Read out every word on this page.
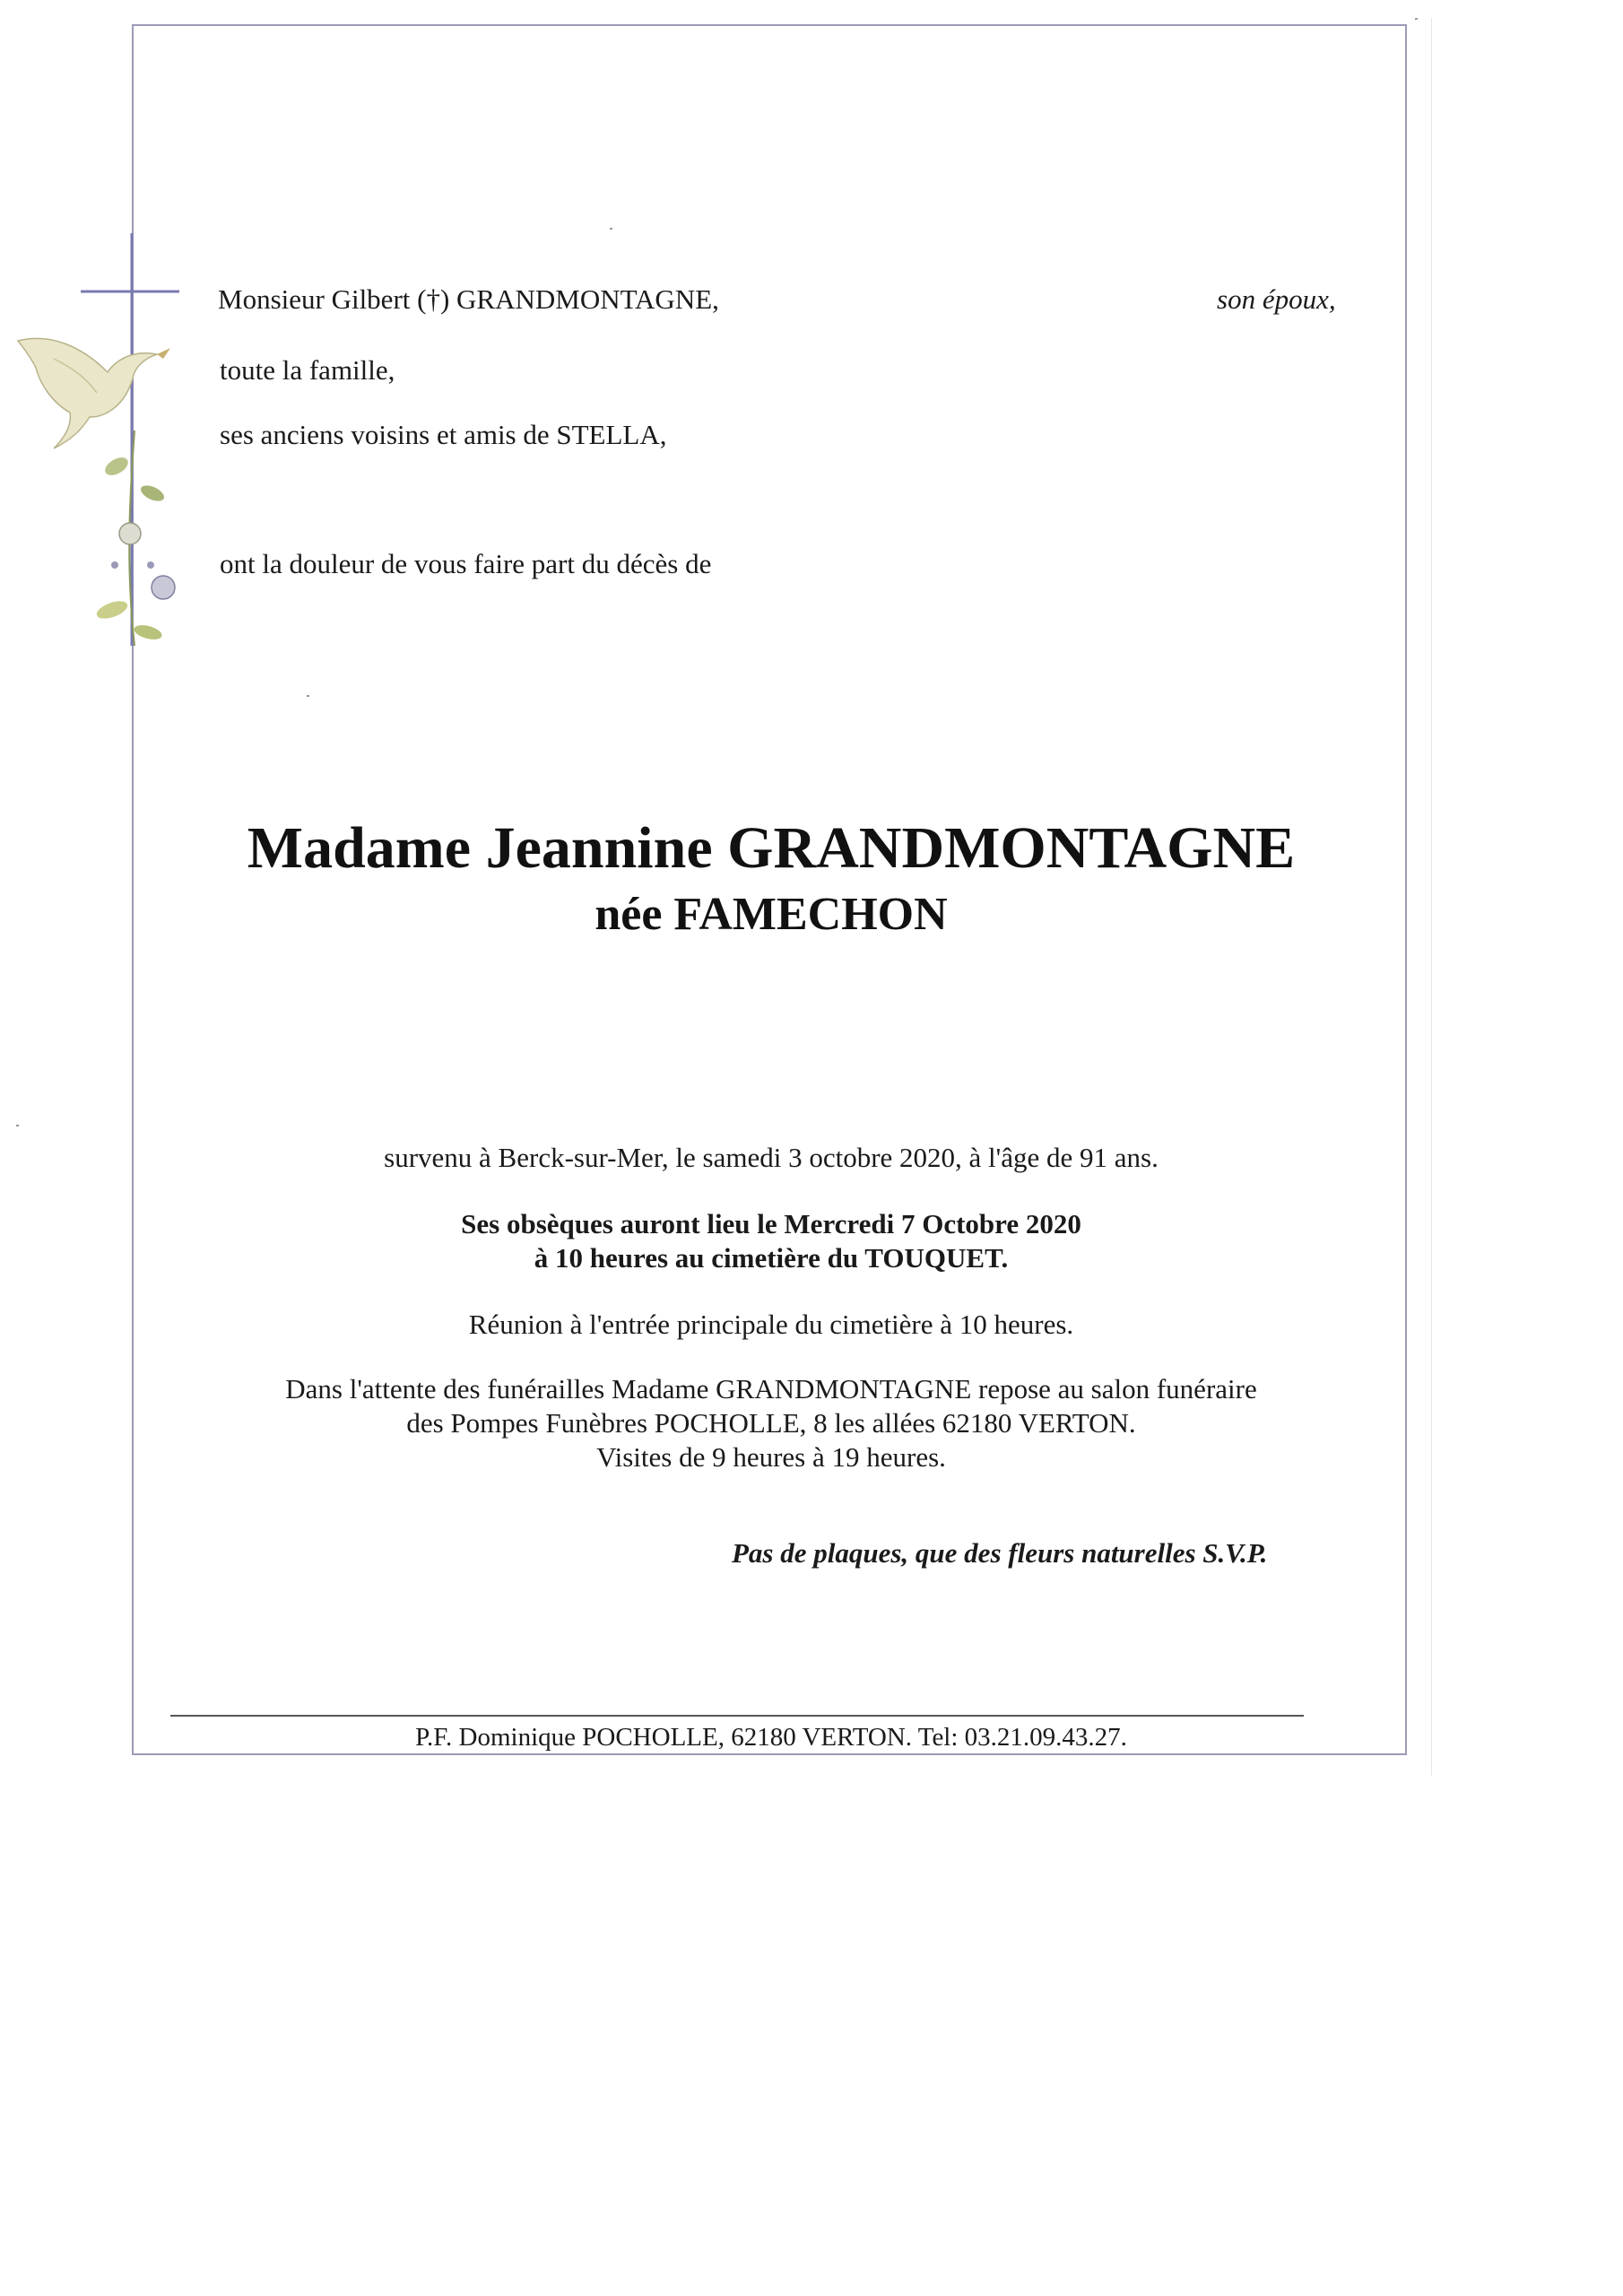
Monsieur Gilbert (†) GRANDMONTAGNE,	son époux,
toute la famille,
ses anciens voisins et amis de STELLA,
ont la douleur de vous faire part du décès de
Madame Jeannine GRANDMONTAGNE
née FAMECHON
survenu à Berck-sur-Mer, le samedi 3 octobre 2020, à l'âge de 91 ans.
Ses obsèques auront lieu le Mercredi 7 Octobre 2020
à 10 heures au cimetière du TOUQUET.
Réunion à l'entrée principale du cimetière à 10 heures.
Dans l'attente des funérailles Madame GRANDMONTAGNE repose au salon funéraire
des Pompes Funèbres POCHOLLE, 8 les allées 62180 VERTON.
Visites de 9 heures à 19 heures.
Pas de plaques, que des fleurs naturelles S.V.P.
P.F. Dominique POCHOLLE, 62180 VERTON. Tel: 03.21.09.43.27.
